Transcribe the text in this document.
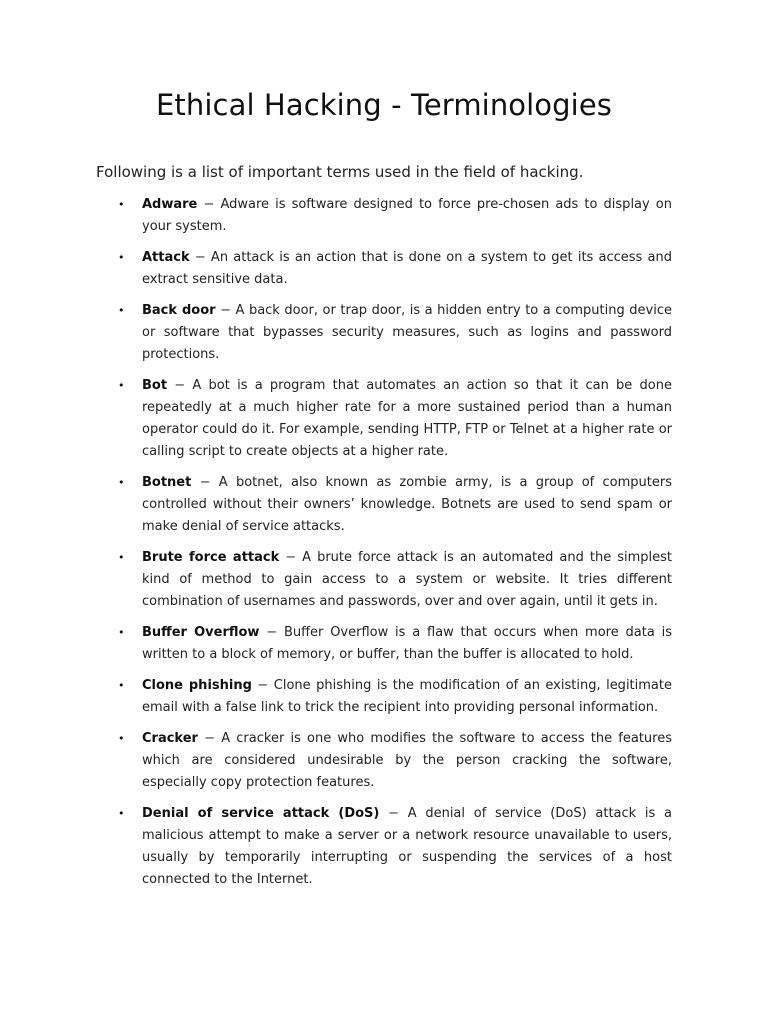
Ethical Hacking - Terminologies

Following is a list of important terms used in the field of hacking.

• Adware − Adware is software designed to force pre-chosen ads to display on your system.
• Attack − An attack is an action that is done on a system to get its access and extract sensitive data.
• Back door − A back door, or trap door, is a hidden entry to a computing device or software that bypasses security measures, such as logins and password protections.
• Bot − A bot is a program that automates an action so that it can be done repeatedly at a much higher rate for a more sustained period than a human operator could do it. For example, sending HTTP, FTP or Telnet at a higher rate or calling script to create objects at a higher rate.
• Botnet − A botnet, also known as zombie army, is a group of computers controlled without their owners’ knowledge. Botnets are used to send spam or make denial of service attacks.
• Brute force attack − A brute force attack is an automated and the simplest kind of method to gain access to a system or website. It tries different combination of usernames and passwords, over and over again, until it gets in.
• Buffer Overflow − Buffer Overflow is a flaw that occurs when more data is written to a block of memory, or buffer, than the buffer is allocated to hold.
• Clone phishing − Clone phishing is the modification of an existing, legitimate email with a false link to trick the recipient into providing personal information.
• Cracker − A cracker is one who modifies the software to access the features which are considered undesirable by the person cracking the software, especially copy protection features.
• Denial of service attack (DoS) − A denial of service (DoS) attack is a malicious attempt to make a server or a network resource unavailable to users, usually by temporarily interrupting or suspending the services of a host connected to the Internet.
